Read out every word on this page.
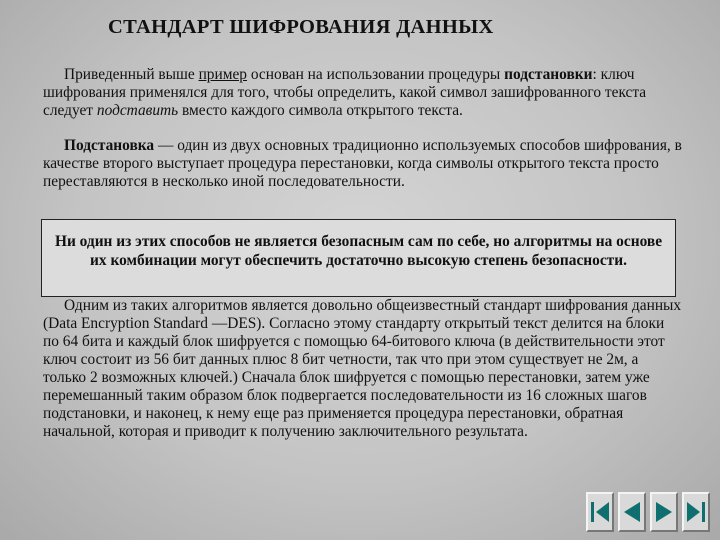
СТАНДАРТ ШИФРОВАНИЯ ДАННЫХ

Приведенный выше пример основан на использовании процедуры подстановки: ключ шифрования применялся для того, чтобы определить, какой символ зашифрованного текста следует подставить вместо каждого символа открытого текста.

Подстановка — один из двух основных традиционно используемых способов шифрования, в качестве второго выступает процедура перестановки, когда символы открытого текста просто переставляются в несколько иной последовательности.

Ни один из этих способов не является безопасным сам по себе, но алгоритмы на основе их комбинации могут обеспечить достаточно высокую степень безопасности.

Одним из таких алгоритмов является довольно общеизвестный стандарт шифрования данных (Data Encryption Standard —DES). Согласно этому стандарту открытый текст делится на блоки по 64 бита и каждый блок шифруется с помощью 64-битового ключа (в действительности этот ключ состоит из 56 бит данных плюс 8 бит четности, так что при этом существует не 2м, а только 2 возможных ключей.) Сначала блок шифруется с помощью перестановки, затем уже перемешанный таким образом блок подвергается последовательности из 16 сложных шагов подстановки, и наконец, к нему еще раз применяется процедура перестановки, обратная начальной, которая и приводит к получению заключительного результата.
